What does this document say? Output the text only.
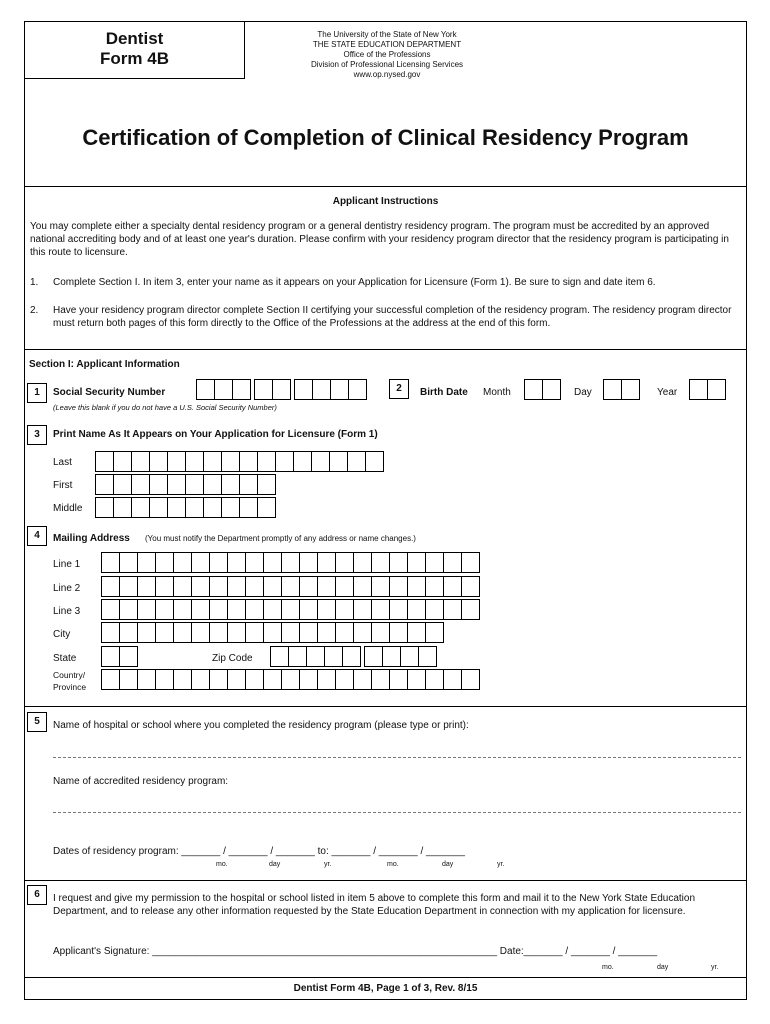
Dentist
Form 4B
The University of the State of New York
THE STATE EDUCATION DEPARTMENT
Office of the Professions
Division of Professional Licensing Services
www.op.nysed.gov
Certification of Completion of Clinical Residency Program
Applicant Instructions
You may complete either a specialty dental residency program or a general dentistry residency program. The program must be accredited by an approved national accrediting body and of at least one year's duration. Please confirm with your residency program director that the residency program is participating in this route to licensure.
1. Complete Section I. In item 3, enter your name as it appears on your Application for Licensure (Form 1). Be sure to sign and date item 6.
2. Have your residency program director complete Section II certifying your successful completion of the residency program. The residency program director must return both pages of this form directly to the Office of the Professions at the address at the end of this form.
Section I: Applicant Information
1	Social Security Number
(Leave this blank if you do not have a U.S. Social Security Number)
2	Birth Date Month	Day	Year
3	Print Name As It Appears on Your Application for Licensure (Form 1)
Last
First
Middle
4	Mailing Address (You must notify the Department promptly of any address or name changes.)
Line 1
Line 2
Line 3
City
State	Zip Code
Country/
Province
5	Name of hospital or school where you completed the residency program (please type or print):
Name of accredited residency program:
Dates of residency program: _______ / _______ / _______ to: _______ / _______ / _______
mo.	day	yr.	mo.	day	yr.
6	I request and give my permission to the hospital or school listed in item 5 above to complete this form and mail it to the New York State Education Department, and to release any other information requested by the State Education Department in connection with my application for licensure.
Applicant's Signature: ______________________________________________________________ Date:_______ / _______ / _______
mo.	day	yr.
Dentist Form 4B, Page 1 of 3, Rev. 8/15
